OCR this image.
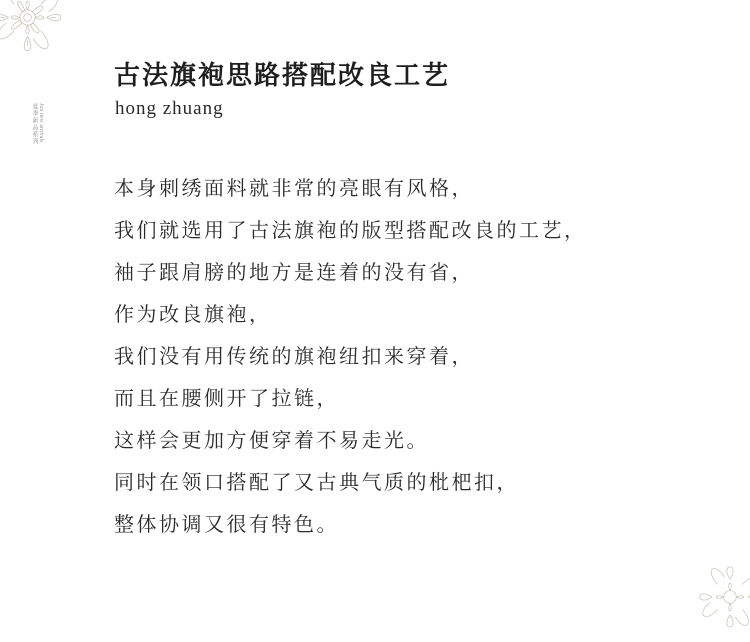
夏季新品系列 Jun new arrivals
古法旗袍思路搭配改良工艺

hong zhuang

本身刺绣面料就非常的亮眼有风格，
我们就选用了古法旗袍的版型搭配改良的工艺，
袖子跟肩膀的地方是连着的没有省，
作为改良旗袍，
我们没有用传统的旗袍纽扣来穿着，
而且在腰侧开了拉链，
这样会更加方便穿着不易走光。
同时在领口搭配了又古典气质的枇杷扣，
整体协调又很有特色。
